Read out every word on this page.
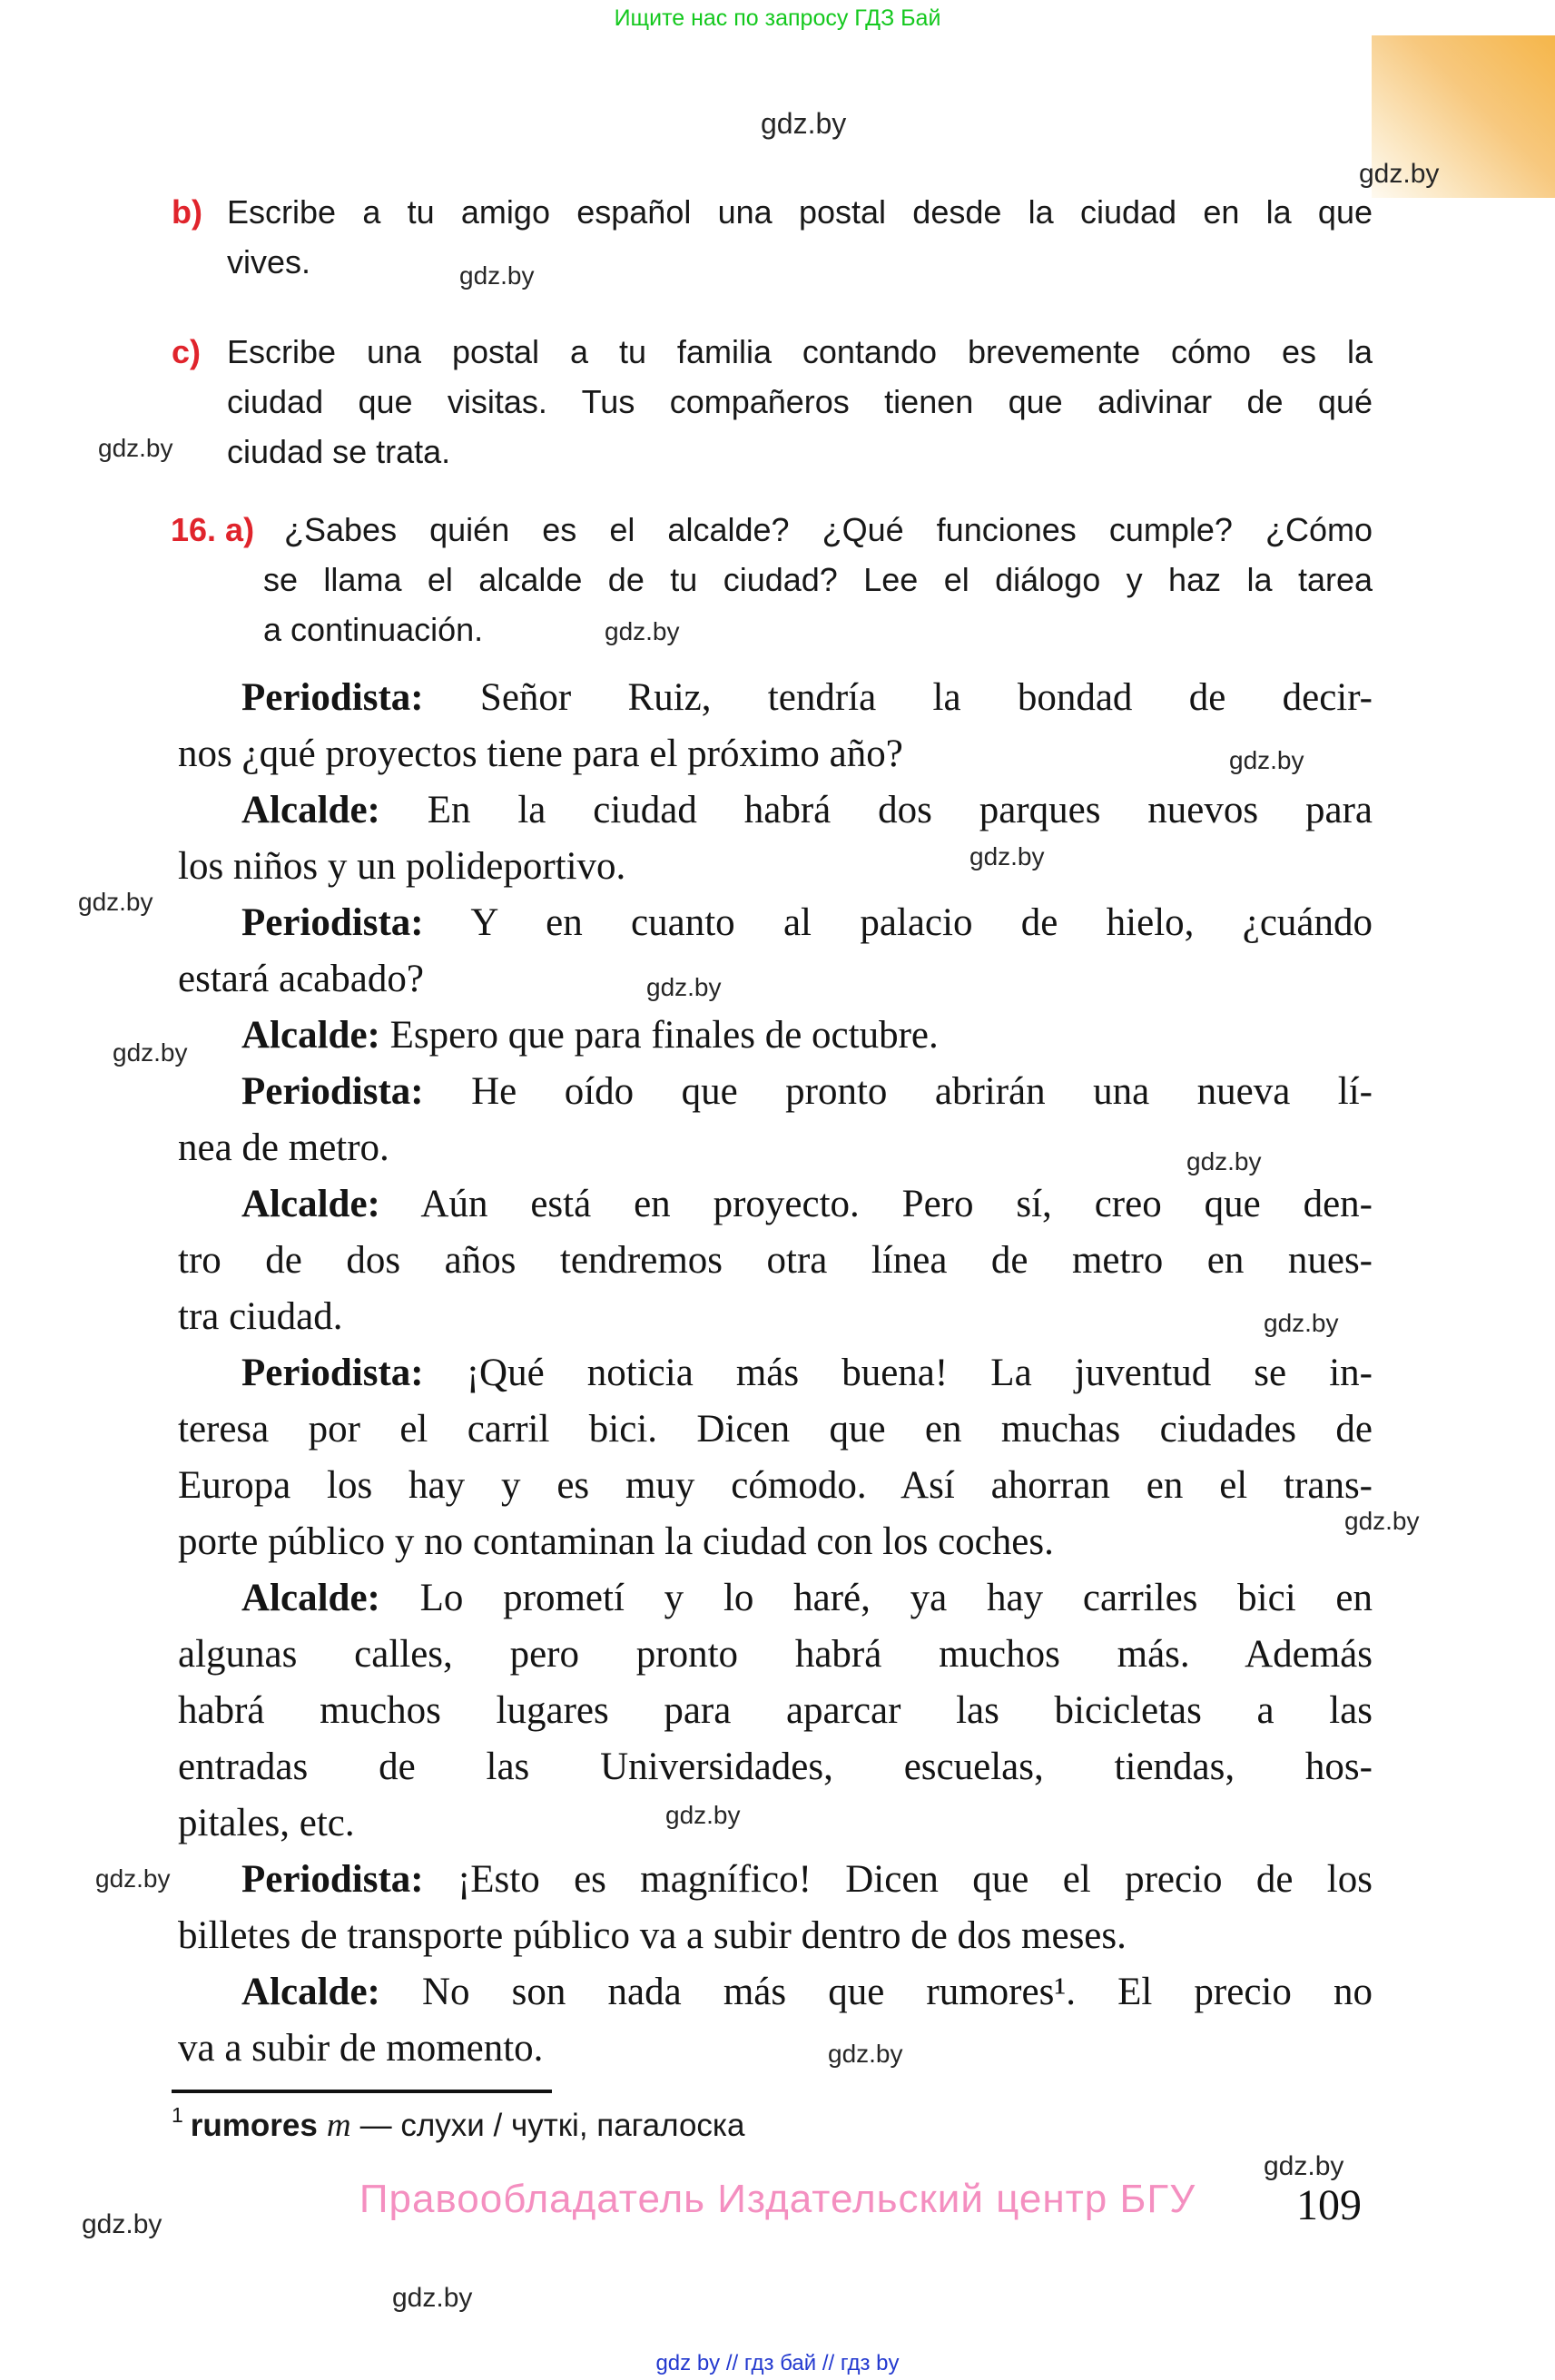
Ищите нас по запросу ГДЗ Бай
gdz.by
gdz.by
gdz.by
gdz.by
gdz.by
gdz.by
gdz.by
gdz.by
gdz.by
gdz.by
gdz.by
gdz.by
gdz.by
gdz.by
gdz.by
gdz.by
gdz.by
gdz.by
gdz.by
b) Escribe a tu amigo español una postal desde la ciudad en la que
vives.
c) Escribe una postal a tu familia contando brevemente cómo es la
ciudad que visitas. Tus compañeros tienen que adivinar de qué
ciudad se trata.
16. a) ¿Sabes quién es el alcalde? ¿Qué funciones cumple? ¿Cómo
se llama el alcalde de tu ciudad? Lee el diálogo y haz la tarea
a continuación.
Periodista: Señor Ruiz, tendría la bondad de decir-
nos ¿qué proyectos tiene para el próximo año?
Alcalde: En la ciudad habrá dos parques nuevos para
los niños y un polideportivo.
Periodista: Y en cuanto al palacio de hielo, ¿cuándo
estará acabado?
Alcalde: Espero que para finales de octubre.
Periodista: He oído que pronto abrirán una nueva lí-
nea de metro.
Alcalde: Aún está en proyecto. Pero sí, creo que den-
tro de dos años tendremos otra línea de metro en nues-
tra ciudad.
Periodista: ¡Qué noticia más buena! La juventud se in-
teresa por el carril bici. Dicen que en muchas ciudades de
Europa los hay y es muy cómodo. Así ahorran en el trans-
porte público y no contaminan la ciudad con los coches.
Alcalde: Lo prometí y lo haré, ya hay carriles bici en
algunas calles, pero pronto habrá muchos más. Además
habrá muchos lugares para aparcar las bicicletas a las
entradas de las Universidades, escuelas, tiendas, hos-
pitales, etc.
Periodista: ¡Esto es magnífico! Dicen que el precio de los
billetes de transporte público va a subir dentro de dos meses.
Alcalde: No son nada más que rumores¹. El precio no
va a subir de momento.
$^1$ rumores m — слухи / чуткі, пагалоска
Правообладатель Издательский центр БГУ	109
gdz by // гдз бай // гдз by
